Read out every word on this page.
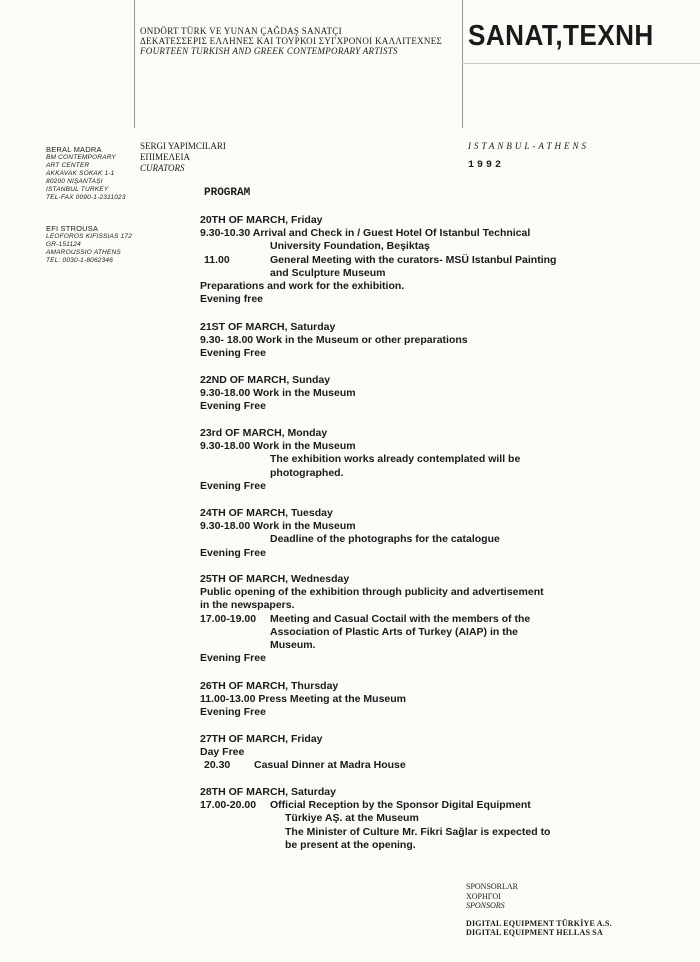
ONDÖRT TÜRK VE YUNAN ÇAĞDAŞ SANATÇI
ΔΕΚΑΤΕΣΣΕΡΙΣ ΕΛΛΗΝΕΣ ΚΑΙ ΤΟΥΡΚΟΙ ΣΥΓΧΡΟΝΟΙ ΚΑΛΛΙΤΕΧΝΕΣ
FOURTEEN TURKISH AND GREEK CONTEMPORARY ARTISTS	SANAT,TEXNH
BERAL MADRA
BM CONTEMPORARY
ART CENTER
AKKAVAK SOKAK 1-1
80200 NIŞANTAŞI
ISTANBUL TURKEY
TEL-FAX 0090-1-2311023
EFI STROUSA
LEOFOROS KIFISSIAS 172
GR-151124
AMAROUSSIO ATHENS
TEL: 0030-1-8062346
SERGI YAPIMCILARI
ΕΠΙΜΕΛΕΙΑ
CURATORS
ISTANBUL-ATHENS
1992
PROGRAM
20TH OF MARCH, Friday
9.30-10.30 Arrival and Check in / Guest Hotel Of Istanbul Technical
University Foundation, Beşiktaş
11.00	General Meeting with the curators- MSÜ Istanbul Painting
and Sculpture Museum
Preparations and work for the exhibition.
Evening free
21ST OF MARCH, Saturday
9.30- 18.00 Work in the Museum or other preparations
Evening Free
22ND OF MARCH, Sunday
9.30-18.00 Work in the Museum
Evening Free
23rd OF MARCH, Monday
9.30-18.00 Work in the Museum
The exhibition works already contemplated will be
photographed.
Evening Free
24TH OF MARCH, Tuesday
9.30-18.00 Work in the Museum
Deadline of the photographs for the catalogue
Evening Free
25TH OF MARCH, Wednesday
Public opening of the exhibition through publicity and advertisement
in the newspapers.
17.00-19.00 Meeting and Casual Coctail with the members of the
Association of Plastic Arts of Turkey (AIAP) in the
Museum.
Evening Free
26TH OF MARCH, Thursday
11.00-13.00 Press Meeting at the Museum
Evening Free
27TH OF MARCH, Friday
Day Free
20.30 Casual Dinner at Madra House
28TH OF MARCH, Saturday
17.00-20.00 Official Reception by the Sponsor Digital Equipment
Türkiye AŞ. at the Museum
The Minister of Culture Mr. Fikri Sağlar is expected to
be present at the opening.
SPONSORLAR
ΧΟΡΗΓΟΙ
SPONSORS
DIGITAL EQUIPMENT TÜRKİYE A.S.
DIGITAL EQUIPMENT HELLAS SA
